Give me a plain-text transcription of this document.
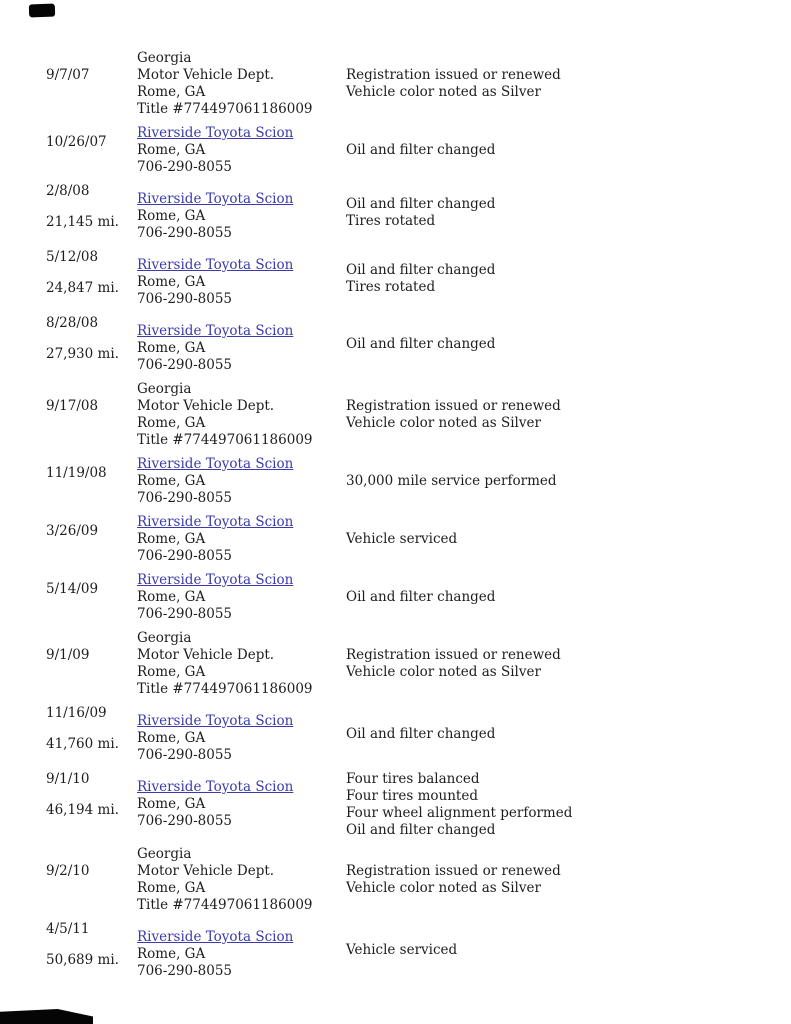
9/7/07
Georgia
Motor Vehicle Dept.
Rome, GA
Title #774497061186009
Registration issued or renewed
Vehicle color noted as Silver
10/26/07
Riverside Toyota Scion
Rome, GA
706-290-8055
Oil and filter changed
2/8/08
21,145 mi.
Riverside Toyota Scion
Rome, GA
706-290-8055
Oil and filter changed
Tires rotated
5/12/08
24,847 mi.
Riverside Toyota Scion
Rome, GA
706-290-8055
Oil and filter changed
Tires rotated
8/28/08
27,930 mi.
Riverside Toyota Scion
Rome, GA
706-290-8055
Oil and filter changed
9/17/08
Georgia
Motor Vehicle Dept.
Rome, GA
Title #774497061186009
Registration issued or renewed
Vehicle color noted as Silver
11/19/08
Riverside Toyota Scion
Rome, GA
706-290-8055
30,000 mile service performed
3/26/09
Riverside Toyota Scion
Rome, GA
706-290-8055
Vehicle serviced
5/14/09
Riverside Toyota Scion
Rome, GA
706-290-8055
Oil and filter changed
9/1/09
Georgia
Motor Vehicle Dept.
Rome, GA
Title #774497061186009
Registration issued or renewed
Vehicle color noted as Silver
11/16/09
41,760 mi.
Riverside Toyota Scion
Rome, GA
706-290-8055
Oil and filter changed
9/1/10
46,194 mi.
Riverside Toyota Scion
Rome, GA
706-290-8055
Four tires balanced
Four tires mounted
Four wheel alignment performed
Oil and filter changed
9/2/10
Georgia
Motor Vehicle Dept.
Rome, GA
Title #774497061186009
Registration issued or renewed
Vehicle color noted as Silver
4/5/11
50,689 mi.
Riverside Toyota Scion
Rome, GA
706-290-8055
Vehicle serviced
